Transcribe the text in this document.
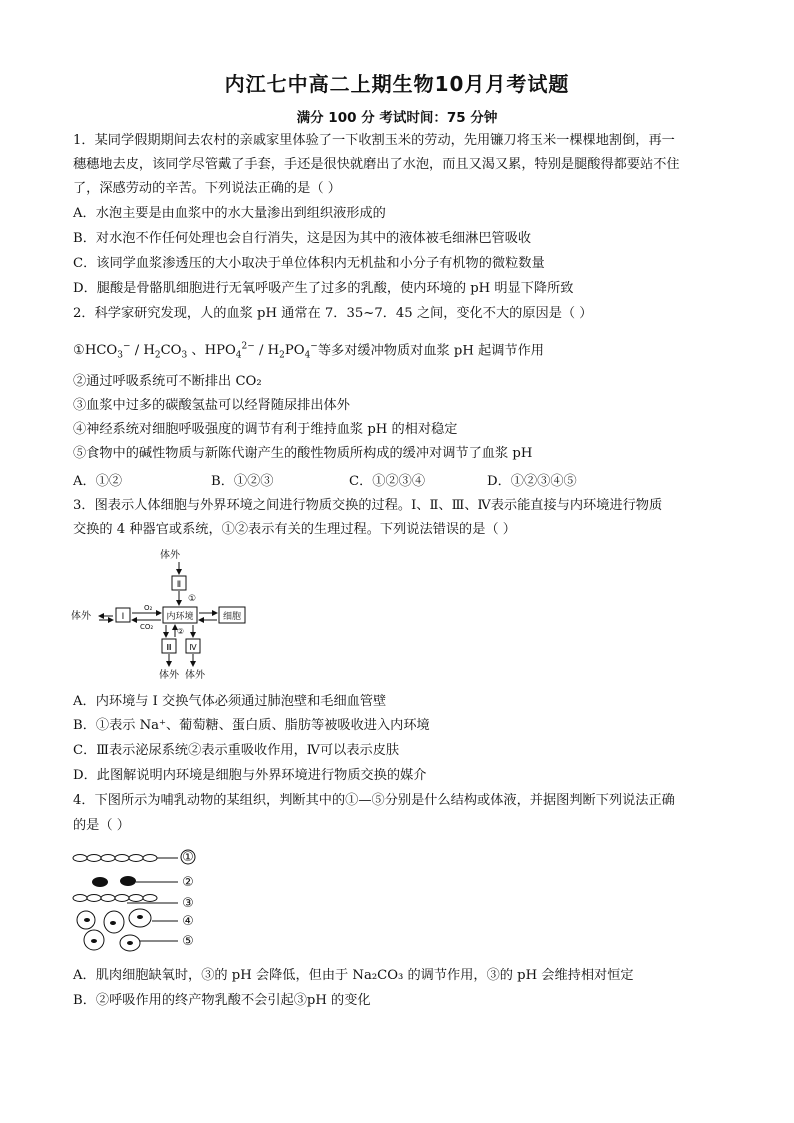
内江七中高二上期生物10月月考试题
满分 100 分 考试时间：75 分钟
1．某同学假期期间去农村的亲戚家里体验了一下收割玉米的劳动，先用镰刀将玉米一棵棵地割倒，再一
穗穗地去皮，该同学尽管戴了手套，手还是很快就磨出了水泡，而且又渴又累，特别是腿酸得都要站不住
了，深感劳动的辛苦。下列说法正确的是（ ）
A．水泡主要是由血浆中的水大量渗出到组织液形成的
B．对水泡不作任何处理也会自行消失，这是因为其中的液体被毛细淋巴管吸收
C．该同学血浆渗透压的大小取决于单位体积内无机盐和小分子有机物的微粒数量
D．腿酸是骨骼肌细胞进行无氧呼吸产生了过多的乳酸，使内环境的 pH 明显下降所致
2．科学家研究发现，人的血浆 pH 通常在 7．35~7．45 之间，变化不大的原因是（ ）
$①HCO_3^- / H_2CO_3$ 、$HPO_4^{2-} / H_2PO_4^-$等多对缓冲物质对血浆 pH 起调节作用
②通过呼吸系统可不断排出 CO₂
③血浆中过多的碳酸氢盐可以经肾随尿排出体外
④神经系统对细胞呼吸强度的调节有利于维持血浆 pH 的相对稳定
⑤食物中的碱性物质与新陈代谢产生的酸性物质所构成的缓冲对调节了血浆 pH
A．①②	B．①②③	C．①②③④	D．①②③④⑤
3．图表示人体细胞与外界环境之间进行物质交换的过程。Ⅰ、Ⅱ、Ⅲ、Ⅳ表示能直接与内环境进行物质
交换的 4 种器官或系统，①②表示有关的生理过程。下列说法错误的是（ ）
体外
Ⅱ
①
体外	Ⅰ
O₂
CO₂
内环境	细胞
②
Ⅲ
体外
Ⅳ
体外
A．内环境与 I 交换气体必须通过肺泡壁和毛细血管壁
B．①表示 Na⁺、葡萄糖、蛋白质、脂肪等被吸收进入内环境
C．Ⅲ表示泌尿系统②表示重吸收作用，Ⅳ可以表示皮肤
D．此图解说明内环境是细胞与外界环境进行物质交换的媒介
4．下图所示为哺乳动物的某组织，判断其中的①—⑤分别是什么结构或体液，并据图判断下列说法正确
的是（ ）
①
②
③
④
⑤
A．肌肉细胞缺氧时，③的 pH 会降低，但由于 Na₂CO₃ 的调节作用，③的 pH 会维持相对恒定
B．②呼吸作用的终产物乳酸不会引起③pH 的变化
